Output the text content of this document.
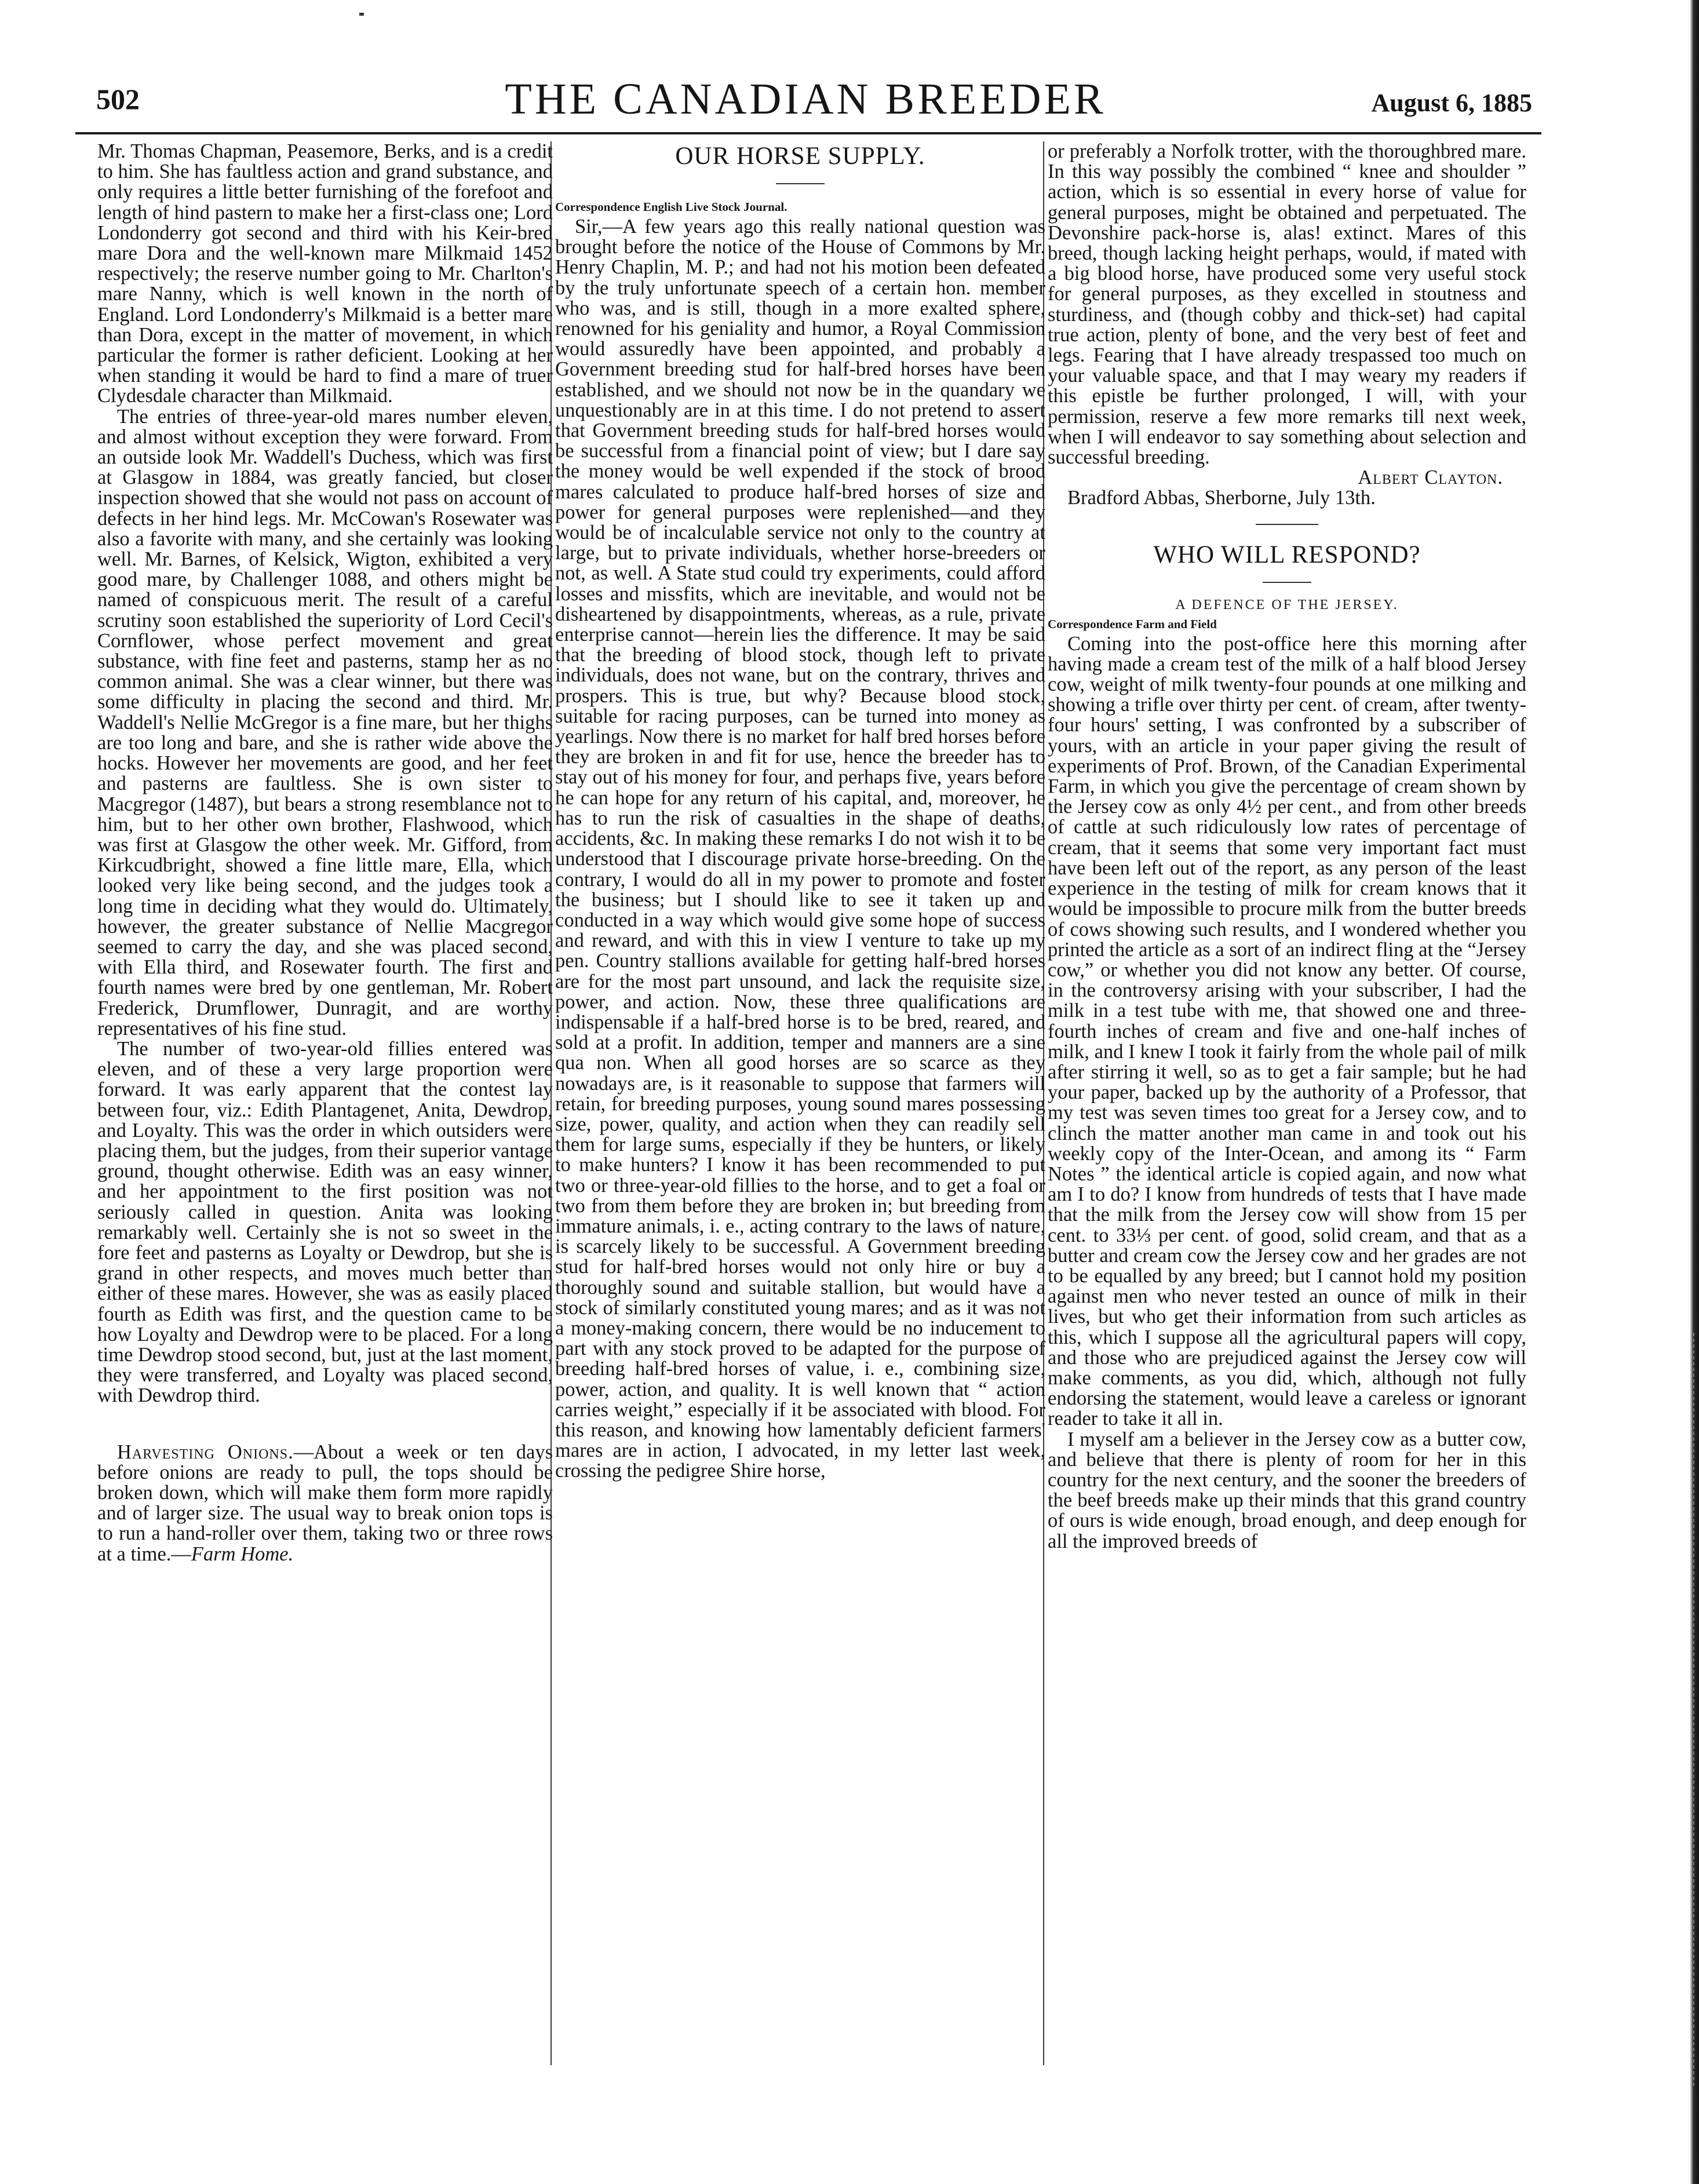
502	THE CANADIAN BREEDER	August 6, 1885

Mr. Thomas Chapman, Peasemore, Berks, and is a credit to him. She has faultless action and grand substance, and only requires a little better furnishing of the forefoot and length of hind pastern to make her a first-class one; Lord Londonderry got second and third with his Keir-bred mare Dora and the well-known mare Milkmaid 1452 respectively; the reserve number going to Mr. Charlton's mare Nanny, which is well known in the north of England. Lord Londonderry's Milkmaid is a better mare than Dora, except in the matter of movement, in which particular the former is rather deficient. Looking at her when standing it would be hard to find a mare of truer Clydesdale character than Milkmaid.

The entries of three-year-old mares number eleven, and almost without exception they were forward. From an outside look Mr. Waddell's Duchess, which was first at Glasgow in 1884, was greatly fancied, but closer inspection showed that she would not pass on account of defects in her hind legs. Mr. McCowan's Rosewater was also a favorite with many, and she certainly was looking well. Mr. Barnes, of Kelsick, Wigton, exhibited a very good mare, by Challenger 1088, and others might be named of conspicuous merit. The result of a careful scrutiny soon established the superiority of Lord Cecil's Cornflower, whose perfect movement and great substance, with fine feet and pasterns, stamp her as no common animal. She was a clear winner, but there was some difficulty in placing the second and third. Mr. Waddell's Nellie McGregor is a fine mare, but her thighs are too long and bare, and she is rather wide above the hocks. However her movements are good, and her feet and pasterns are faultless. She is own sister to Macgregor (1487), but bears a strong resemblance not to him, but to her other own brother, Flashwood, which was first at Glasgow the other week. Mr. Gifford, from Kirkcudbright, showed a fine little mare, Ella, which looked very like being second, and the judges took a long time in deciding what they would do. Ultimately, however, the greater substance of Nellie Macgregor seemed to carry the day, and she was placed second, with Ella third, and Rosewater fourth. The first and fourth names were bred by one gentleman, Mr. Robert Frederick, Drumflower, Dunragit, and are worthy representatives of his fine stud.

The number of two-year-old fillies entered was eleven, and of these a very large proportion were forward. It was early apparent that the contest lay between four, viz.: Edith Plantagenet, Anita, Dewdrop, and Loyalty. This was the order in which outsiders were placing them, but the judges, from their superior vantage ground, thought otherwise. Edith was an easy winner, and her appointment to the first position was not seriously called in question. Anita was looking remarkably well. Certainly she is not so sweet in the fore feet and pasterns as Loyalty or Dewdrop, but she is grand in other respects, and moves much better than either of these mares. However, she was as easily placed fourth as Edith was first, and the question came to be how Loyalty and Dewdrop were to be placed. For a long time Dewdrop stood second, but, just at the last moment, they were transferred, and Loyalty was placed second, with Dewdrop third.

Harvesting Onions.—About a week or ten days before onions are ready to pull, the tops should be broken down, which will make them form more rapidly and of larger size. The usual way to break onion tops is to run a hand-roller over them, taking two or three rows at a time.—Farm Home.

OUR HORSE SUPPLY.
Correspondence English Live Stock Journal.

Sir,—A few years ago this really national question was brought before the notice of the House of Commons by Mr. Henry Chaplin, M. P.; and had not his motion been defeated by the truly unfortunate speech of a certain hon. member who was, and is still, though in a more exalted sphere, renowned for his geniality and humor, a Royal Commission would assuredly have been appointed, and probably a Government breeding stud for half-bred horses have been established, and we should not now be in the quandary we unquestionably are in at this time. I do not pretend to assert that Government breeding studs for half-bred horses would be successful from a financial point of view; but I dare say the money would be well expended if the stock of brood mares calculated to produce half-bred horses of size and power for general purposes were replenished—and they would be of incalculable service not only to the country at large, but to private individuals, whether horse-breeders or not, as well. A State stud could try experiments, could afford losses and missfits, which are inevitable, and would not be disheartened by disappointments, whereas, as a rule, private enterprise cannot—herein lies the difference. It may be said that the breeding of blood stock, though left to private individuals, does not wane, but on the contrary, thrives and prospers. This is true, but why? Because blood stock, suitable for racing purposes, can be turned into money as yearlings. Now there is no market for half bred horses before they are broken in and fit for use, hence the breeder has to stay out of his money for four, and perhaps five, years before he can hope for any return of his capital, and, moreover, he has to run the risk of casualties in the shape of deaths, accidents, &c. In making these remarks I do not wish it to be understood that I discourage private horse-breeding. On the contrary, I would do all in my power to promote and foster the business; but I should like to see it taken up and conducted in a way which would give some hope of success and reward, and with this in view I venture to take up my pen. Country stallions available for getting half-bred horses are for the most part unsound, and lack the requisite size, power, and action. Now, these three qualifications are indispensable if a half-bred horse is to be bred, reared, and sold at a profit. In addition, temper and manners are a sine qua non. When all good horses are so scarce as they nowadays are, is it reasonable to suppose that farmers will retain, for breeding purposes, young sound mares possessing size, power, quality, and action when they can readily sell them for large sums, especially if they be hunters, or likely to make hunters? I know it has been recommended to put two or three-year-old fillies to the horse, and to get a foal or two from them before they are broken in; but breeding from immature animals, i. e., acting contrary to the laws of nature, is scarcely likely to be successful. A Government breeding stud for half-bred horses would not only hire or buy a thoroughly sound and suitable stallion, but would have a stock of similarly constituted young mares; and as it was not a money-making concern, there would be no inducement to part with any stock proved to be adapted for the purpose of breeding half-bred horses of value, i. e., combining size, power, action, and quality. It is well known that “ action carries weight,” especially if it be associated with blood. For this reason, and knowing how lamentably deficient farmers' mares are in action, I advocated, in my letter last week, crossing the pedigree Shire horse,

or preferably a Norfolk trotter, with the thoroughbred mare. In this way possibly the combined “ knee and shoulder ” action, which is so essential in every horse of value for general purposes, might be obtained and perpetuated. The Devonshire pack-horse is, alas! extinct. Mares of this breed, though lacking height perhaps, would, if mated with a big blood horse, have produced some very useful stock for general purposes, as they excelled in stoutness and sturdiness, and (though cobby and thick-set) had capital true action, plenty of bone, and the very best of feet and legs. Fearing that I have already trespassed too much on your valuable space, and that I may weary my readers if this epistle be further prolonged, I will, with your permission, reserve a few more remarks till next week, when I will endeavor to say something about selection and successful breeding.

Albert Clayton.

Bradford Abbas, Sherborne, July 13th.

WHO WILL RESPOND?
A DEFENCE OF THE JERSEY.
Correspondence Farm and Field

Coming into the post-office here this morning after having made a cream test of the milk of a half blood Jersey cow, weight of milk twenty-four pounds at one milking and showing a trifle over thirty per cent. of cream, after twenty-four hours' setting, I was confronted by a subscriber of yours, with an article in your paper giving the result of experiments of Prof. Brown, of the Canadian Experimental Farm, in which you give the percentage of cream shown by the Jersey cow as only 4½ per cent., and from other breeds of cattle at such ridiculously low rates of percentage of cream, that it seems that some very important fact must have been left out of the report, as any person of the least experience in the testing of milk for cream knows that it would be impossible to procure milk from the butter breeds of cows showing such results, and I wondered whether you printed the article as a sort of an indirect fling at the “Jersey cow,” or whether you did not know any better. Of course, in the controversy arising with your subscriber, I had the milk in a test tube with me, that showed one and three-fourth inches of cream and five and one-half inches of milk, and I knew I took it fairly from the whole pail of milk after stirring it well, so as to get a fair sample; but he had your paper, backed up by the authority of a Professor, that my test was seven times too great for a Jersey cow, and to clinch the matter another man came in and took out his weekly copy of the Inter-Ocean, and among its “ Farm Notes ” the identical article is copied again, and now what am I to do? I know from hundreds of tests that I have made that the milk from the Jersey cow will show from 15 per cent. to 33⅓ per cent. of good, solid cream, and that as a butter and cream cow the Jersey cow and her grades are not to be equalled by any breed; but I cannot hold my position against men who never tested an ounce of milk in their lives, but who get their information from such articles as this, which I suppose all the agricultural papers will copy, and those who are prejudiced against the Jersey cow will make comments, as you did, which, although not fully endorsing the statement, would leave a careless or ignorant reader to take it all in.

I myself am a believer in the Jersey cow as a butter cow, and believe that there is plenty of room for her in this country for the next century, and the sooner the breeders of the beef breeds make up their minds that this grand country of ours is wide enough, broad enough, and deep enough for all the improved breeds of
